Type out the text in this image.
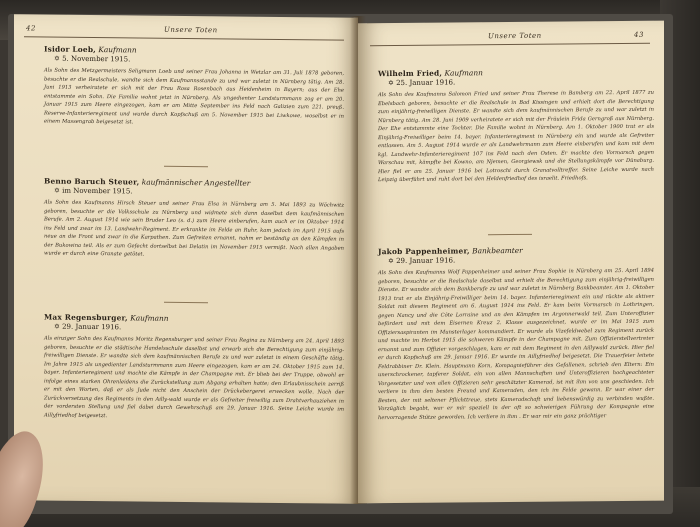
42	Unsere Toten
Isidor Loeb, Kaufmann
✡ 5. November 1915.
Als Sohn des Metzgermeisters Seligmann Loeb und seiner Frau Johanna in Wetzlar am 31. Juli 1878 geboren, besuchte er die Realschule, wandte sich dem Kaufmannsstande zu und war zuletzt in Nürnberg tätig. Am 28. Juni 1913 verheiratete er sich mit der Frau Rosa Rosenbach aus Heidenheim in Bayern; aus der Ehe entstammte ein Sohn. Die Familie wohnt jetzt in Nürnberg. Als ungedienter Landsturmmann zog er am 20. Januar 1915 zum Heere eingezogen, kam er am Mitte September ins Feld nach Galizien zum 221. preuß. Reserve-Infanterieregiment und wurde durch Kopfschuß am 5. November 1915 bei Liwkowe, woselbst er in einem Massengrab beigesetzt ist.
Benno Baruch Steuer, kaufmännischer Angestellter
✡ im November 1915.
Als Sohn des Kaufmanns Hirsch Steuer und seiner Frau Elsa in Nürnberg am 5. Mai 1893 zu Wöchwitz geboren, besuchte er die Volksschule zu Nürnberg und widmete sich dann daselbst dem kaufmännischen Berufe. Am 2. August 1914 wie sein Bruder Leo (s. d.) zum Heere einberufen, kam auch er im Oktober 1914 ins Feld und zwar im 13. Landwehr-Regiment. Er erkrankte im Felde an Ruhr, kam jedoch im April 1915 aufs neue an die Front und zwar in die Karpathen. Zum Gefreiten ernannt, nahm er beständig an den Kämpfen in der Bukowina teil. Als er zum Gefecht dortselbst bei Delatin im November 1915 vermißt. Nach allen Angaben wurde er durch eine Granate getötet.
Max Regensburger, Kaufmann
✡ 29. Januar 1916.
Als einziger Sohn des Kaufmanns Moritz Regensburger und seiner Frau Regina zu Nürnberg am 24. April 1893 geboren, besuchte er die städtische Handelsschule daselbst und erwarb sich die Berechtigung zum einjährig-freiwilligen Dienste. Er wandte sich dem kaufmännischen Berufe zu und war zuletzt in einem Geschäfte tätig. Im Jahre 1915 als ungedienter Landsturmmann zum Heere eingezogen, kam er am 24. Oktober 1915 zum 14. bayer. Infanterieregiment und machte die Kämpfe in der Champagne mit. Er blieb bei der Truppe, obwohl er infolge eines starken Ohrenleidens die Zurückstellung zum Abgang erhalten hatte; den Erlaubnisschein zerriß er mit den Worten, daß er als Jude nicht den Anschein der Drückebergerei erwecken wolle. Nach der Zurückversetzung des Regiments in den Ailly-wald wurde er als Gefreiter freiwillig zum Drahtverhauziehen in der vordersten Stellung und fiel dabei durch Gewehrschuß am 29. Januar 1916. Seine Leiche wurde im Aillyfriedhof beigesetzt.
Unsere Toten	43
Wilhelm Fried, Kaufmann
✡ 25. Januar 1916.
Als Sohn des Kaufmanns Salomon Fried und seiner Frau Therese in Bamberg am 22. April 1877 zu Ebelsbach geboren, besuchte er die Realschule in Bad Kissingen und erhielt dort die Berechtigung zum einjährig-freiwilligen Dienste. Er wandte sich dem kaufmännischen Berufe zu und war zuletzt in Nürnberg tätig. Am 28. Juni 1909 verheiratete er sich mit der Fräulein Frida Gerngroß aus Nürnberg. Der Ehe entstammte eine Tochter. Die Familie wohnt in Nürnberg. Am 1. Oktober 1900 trat er als Einjährig-Freiwilliger beim 14. bayer. Infanterieregiment in Nürnberg ein und wurde als Gefreiter entlassen. Am 5. August 1914 wurde er als Landwehrmann zum Heere einberufen und kam mit dem kgl. Landwehr-Infanterieregiment 107 ins Feld nach den Osten. Er machte den Vormarsch gegen Warschau mit, kämpfte bei Kowno, am Njemen, Georgiewsk und die Stellungskämpfe vor Dünaburg. Hier fiel er am 25. Januar 1916 bei Lotroschi durch Granatvolltreffer. Seine Leiche wurde nach Leipzig überführt und ruht dort bei den Heldenfriedhof des israelit. Friedhofs.
Jakob Pappenheimer, Bankbeamter
✡ 29. Januar 1916.
Als Sohn des Kaufmanns Wolf Pappenheimer und seiner Frau Sophie in Nürnberg am 25. April 1894 geboren, besuchte er die Realschule daselbst und erhielt die Berechtigung zum einjährig-freiwilligen Dienste. Er wandte sich dem Bankberufe zu und war zuletzt in Nürnberg Bankbeamter. Am 1. Oktober 1913 trat er als Einjährig-Freiwilliger beim 14. bayer. Infanterieregiment ein und rückte als aktiver Soldat mit diesem Regiment am 6. August 1914 ins Feld. Er kam beim Vormarsch in Lothringen, gegen Nancy und die Côte Lorraine und an den Kämpfen im Argonnerwald teil. Zum Unteroffizier befördert und mit dem Eisernen Kreuz 2. Klasse ausgezeichnet, wurde er im Mai 1915 zum Offiziersaspiranten im Munsterlager kommandiert. Er wurde als Vizefeldwebel zum Regiment zurück und machte im Herbst 1915 die schweren Kämpfe in der Champagne mit. Zum Offizierstellvertreter ernannt und zum Offizier vorgeschlagen, kam er mit dem Regiment in den Aillywald zurück. Hier fiel er durch Kopfschuß am 29. Januar 1916. Er wurde im Aillyfriedhof beigesetzt. Die Trauerfeier leitete Feldrabbiner Dr. Klein. Hauptmann Korn, Kompagnieführer des Gefallenen, schrieb den Eltern: Ein unerschrockener, tapferer Soldat, ein von allen Mannschaften und Unteroffizieren hochgeachteter Vorgesetzter und von allen Offizieren sehr geschätzter Kamerad, ist mit ihm von uns geschieden. Ich verliere in ihm den besten Freund und Kameraden, den ich im Felde gewann. Er war einer der Besten, der mit seltener Pflichttreue, stets Kameradschaft und liebenswürdig zu verbinden wußte. Vorzüglich begabt, war er mir speziell in der oft so schwierigen Führung der Kompagnie eine hervorragende Stütze geworden. Ich verliere in ihm . Er war mir ein ganz prächtiger
